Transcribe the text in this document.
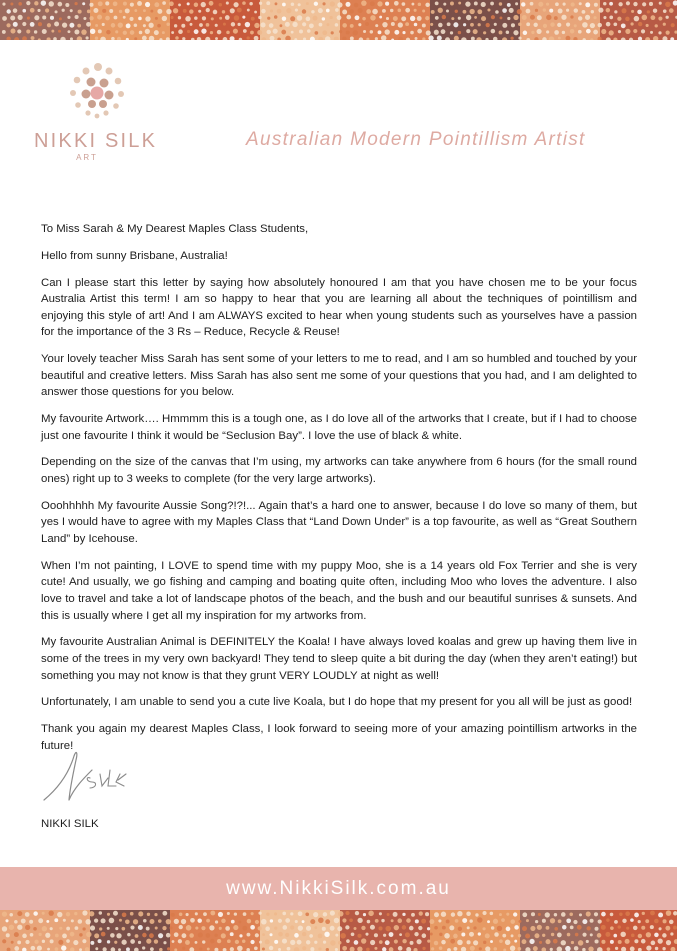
NIKKI SILK
ART
Australian Modern Pointillism Artist

To Miss Sarah & My Dearest Maples Class Students,

Hello from sunny Brisbane, Australia!

Can I please start this letter by saying how absolutely honoured I am that you have chosen me to be your focus Australia Artist this term! I am so happy to hear that you are learning all about the techniques of pointillism and enjoying this style of art! And I am ALWAYS excited to hear when young students such as yourselves have a passion for the importance of the 3 Rs – Reduce, Recycle & Reuse!

Your lovely teacher Miss Sarah has sent some of your letters to me to read, and I am so humbled and touched by your beautiful and creative letters. Miss Sarah has also sent me some of your questions that you had, and I am delighted to answer those questions for you below.

My favourite Artwork…. Hmmmm this is a tough one, as I do love all of the artworks that I create, but if I had to choose just one favourite I think it would be “Seclusion Bay”. I love the use of black & white.

Depending on the size of the canvas that I’m using, my artworks can take anywhere from 6 hours (for the small round ones) right up to 3 weeks to complete (for the very large artworks).

Ooohhhhh My favourite Aussie Song?!?!... Again that’s a hard one to answer, because I do love so many of them, but yes I would have to agree with my Maples Class that “Land Down Under” is a top favourite, as well as “Great Southern Land” by Icehouse.

When I’m not painting, I LOVE to spend time with my puppy Moo, she is a 14 years old Fox Terrier and she is very cute! And usually, we go fishing and camping and boating quite often, including Moo who loves the adventure. I also love to travel and take a lot of landscape photos of the beach, and the bush and our beautiful sunrises & sunsets. And this is usually where I get all my inspiration for my artworks from.

My favourite Australian Animal is DEFINITELY the Koala! I have always loved koalas and grew up having them live in some of the trees in my very own backyard! They tend to sleep quite a bit during the day (when they aren’t eating!) but something you may not know is that they grunt VERY LOUDLY at night as well!

Unfortunately, I am unable to send you a cute live Koala, but I do hope that my present for you all will be just as good!

Thank you again my dearest Maples Class, I look forward to seeing more of your amazing pointillism artworks in the future!

NIKKI SILK
www.NikkiSilk.com.au
